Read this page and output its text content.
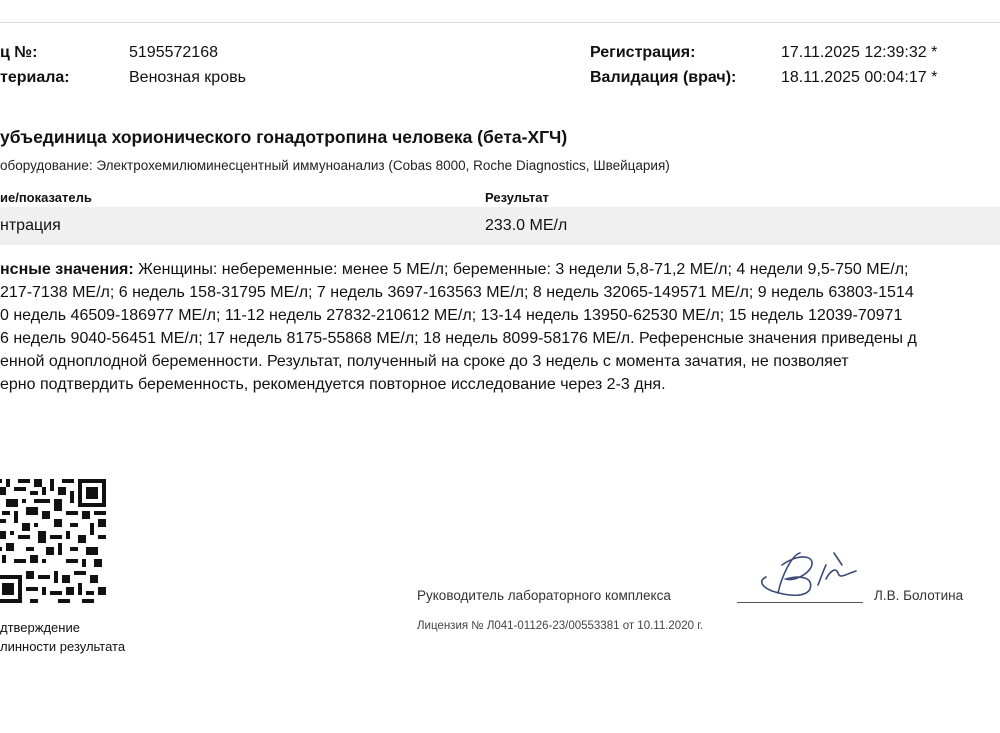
ц №:	5195572168
териала:	Венозная кровь
Регистрация:	17.11.2025 12:39:32 *
Валидация (врач):	18.11.2025 00:04:17 *
убъединица хорионического гонадотропина человека (бета-ХГЧ)
оборудование: Электрохемилюминесцентный иммуноанализ (Cobas 8000, Roche Diagnostics, Швейцария)
ие/показатель	Результат
нтрация	233.0 МЕ/л
нсные значения: Женщины: небеременные: менее 5 МЕ/л; беременные: 3 недели 5,8-71,2 МЕ/л; 4 недели 9,5-750 МЕ/л;
217-7138 МЕ/л; 6 недель 158-31795 МЕ/л; 7 недель 3697-163563 МЕ/л; 8 недель 32065-149571 МЕ/л; 9 недель 63803-1514
0 недель 46509-186977 МЕ/л; 11-12 недель 27832-210612 МЕ/л; 13-14 недель 13950-62530 МЕ/л; 15 недель 12039-70971
6 недель 9040-56451 МЕ/л; 17 недель 8175-55868 МЕ/л; 18 недель 8099-58176 МЕ/л. Референсные значения приведены д
енной одноплодной беременности. Результат, полученный на сроке до 3 недель с момента зачатия, не позволяет
ерно подтвердить беременность, рекомендуется повторное исследование через 2-3 дня.
дтверждение
линности результата
Руководитель лабораторного комплекса	Л.В. Болотина
Лицензия № Л041-01126-23/00553381 от 10.11.2020 г.
